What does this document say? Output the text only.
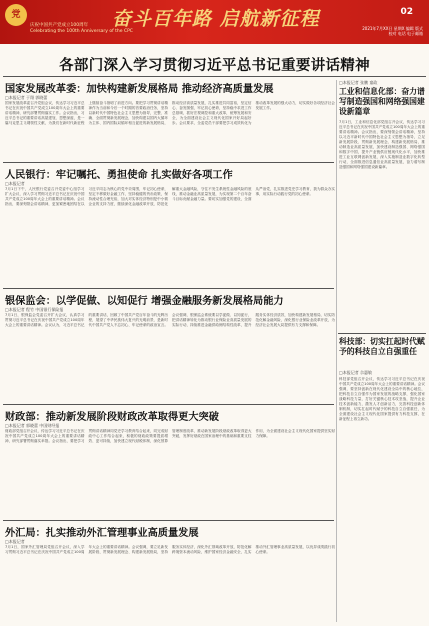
党
庆祝中国共产党成立100周年
Celebrating the 100th Anniversary of the CPC
奋斗百年路 启航新征程	02
2021年7月XX日 星期X 编辑 版式
校对 电话 电子邮箱
各部门深入学习贯彻习近平总书记重要讲话精神
国家发展改革委：加快构建新发展格局 推动经济高质量发展
□本报记者 于翔 郭晓蕾
国家发展改革委召开党组会议，传达学习习近平总书记在庆祝中国共产党成立100周年大会上的重要讲话精神，研究部署贯彻落实工作。会议指出，习近平总书记的重要讲话高屋建瓴、思想深邃，是一篇马克思主义纲领性文献，为我们在新时代新征程上继续奋斗指明了前进方向。要把学习贯彻讲话精神作为当前和今后一个时期的首要政治任务，坚持以新时代中国特色社会主义思想为指导，完整、准确、全面贯彻新发展理念，加快构建以国内大循环为主体、国内国际双循环相互促进的新发展格局，推动经济高质量发展，扎实推进共同富裕，坚定信心、奋发图强，牢记初心使命，坚持稳中求进工作总基调，抓好宏观调控和重大改革，统筹发展和安全，为全面建设社会主义现代化国家开好局起好步。会议要求，全委党员干部要把学习成效转化为推动改革发展的强大动力，切实做好各项经济社会发展工作。
人民银行：牢记嘱托、勇担使命 扎实做好各项工作
□本报记者
7月1日下午，人民银行党委召开党委中心组学习扩大会议，深入学习贯彻习近平总书记在庆祝中国共产党成立100周年大会上的重要讲话精神。会议指出，要深刻领会讲话精神，更加紧密地团结在以习近平同志为核心的党中央周围，牢记初心使命，坚定不移做好金融工作，坚持稳健的货币政策，保持流动性合理充裕，加大对实体经济特别是中小微企业的支持力度，继续深化金融改革开放，防范化解重大金融风险，守住不发生系统性金融风险的底线，推动金融业高质量发展，为实现第二个百年奋斗目标贡献金融力量。要切实加强党的建设，全面从严治党，扎实推进党史学习教育，我为群众办实事，用实际行动践行党的初心使命。
银保监会：以学促做、以知促行 增强金融服务新发展格局能力
□本报记者 程竹 中国银行保险报
7月1日，银保监会党委召开扩大会议，认真学习贯彻习近平总书记在庆祝中国共产党成立100周年大会上的重要讲话精神。会议认为，习近平总书记的重要讲话，回顾了中国共产党百年奋斗的光辉历程，展望了中华民族伟大复兴的光明前景，是新时代中国共产党人不忘初心、牢记使命的政治宣言。会议强调，银保监会系统要以学促做、以知促行，把讲话精神转化为推动银行业保险业高质量发展的实际行动，持续推进金融供给侧结构性改革，提升服务实体经济质效，加快构建新发展格局，切实防范化解金融风险，深化银行业保险业改革开放，为经济社会发展大局提供有力支撑和保障。
财政部：推动新发展阶段财政改革取得更大突破
□本报记者 郭晓蕾 中国财经报
财政部党组召开会议，传达学习习近平总书记在庆祝中国共产党成立100周年大会上的重要讲话精神，研究部署贯彻落实举措。会议指出，要把学习贯彻讲话精神同党史学习教育结合起来，同完成财政中心工作结合起来，积极的财政政策要提质增效、更可持续，加快建立现代财税体制，深化预算管理制度改革，推动新发展阶段财政改革取得更大突破，发挥好财政在国家治理中的基础和重要支柱作用，为全面建设社会主义现代化国家提供坚实财力保障。
外汇局：扎实推动外汇管理事业高质量发展
□本报记者
7月1日，国家外汇管理局党组召开会议，深入学习贯彻习近平总书记在庆祝中国共产党成立100周年大会上的重要讲话精神。会议强调，要立足新发展阶段、贯彻新发展理念、构建新发展格局，坚持服务实体经济，深化外汇领域改革开放，防范化解跨境资本流动风险，维护国家经济金融安全，扎实推动外汇管理事业高质量发展，以优异成绩践行初心使命。
□本报记者 张鹏 童政
工业和信息化部：奋力谱写制造强国和网络强国建设新篇章
7月1日，工业和信息化部党组召开会议，传达学习习近平总书记在庆祝中国共产党成立100周年大会上的重要讲话精神。会议指出，要深刻领会讲话精神，坚持以习近平新时代中国特色社会主义思想为指导，立足新发展阶段、贯彻新发展理念、构建新发展格局，推动制造业高质量发展，加快建设制造强国、网络强国和数字中国，提升产业链供应链现代化水平，加快推进工业互联网创新发展，深入实施制造业数字化转型行动，全面推进信息通信业高质量发展，奋力谱写制造强国和网络强国建设新篇章。
科技部：切实扛起时代赋予的科技自立自强重任
□本报记者 佘惠敏
科技部党组召开会议，传达学习习近平总书记在庆祝中国共产党成立100周年大会上的重要讲话精神。会议强调，要坚持创新在现代化建设全局中的核心地位，把科技自立自强作为国家发展的战略支撑，强化国家战略科技力量，打好关键核心技术攻坚战，提升企业技术创新能力，激发人才创新活力，完善科技创新体制机制，切实扛起时代赋予的科技自立自强重任，为全面建设社会主义现代化国家提供有力科技支撑，在新征程上再立新功。
